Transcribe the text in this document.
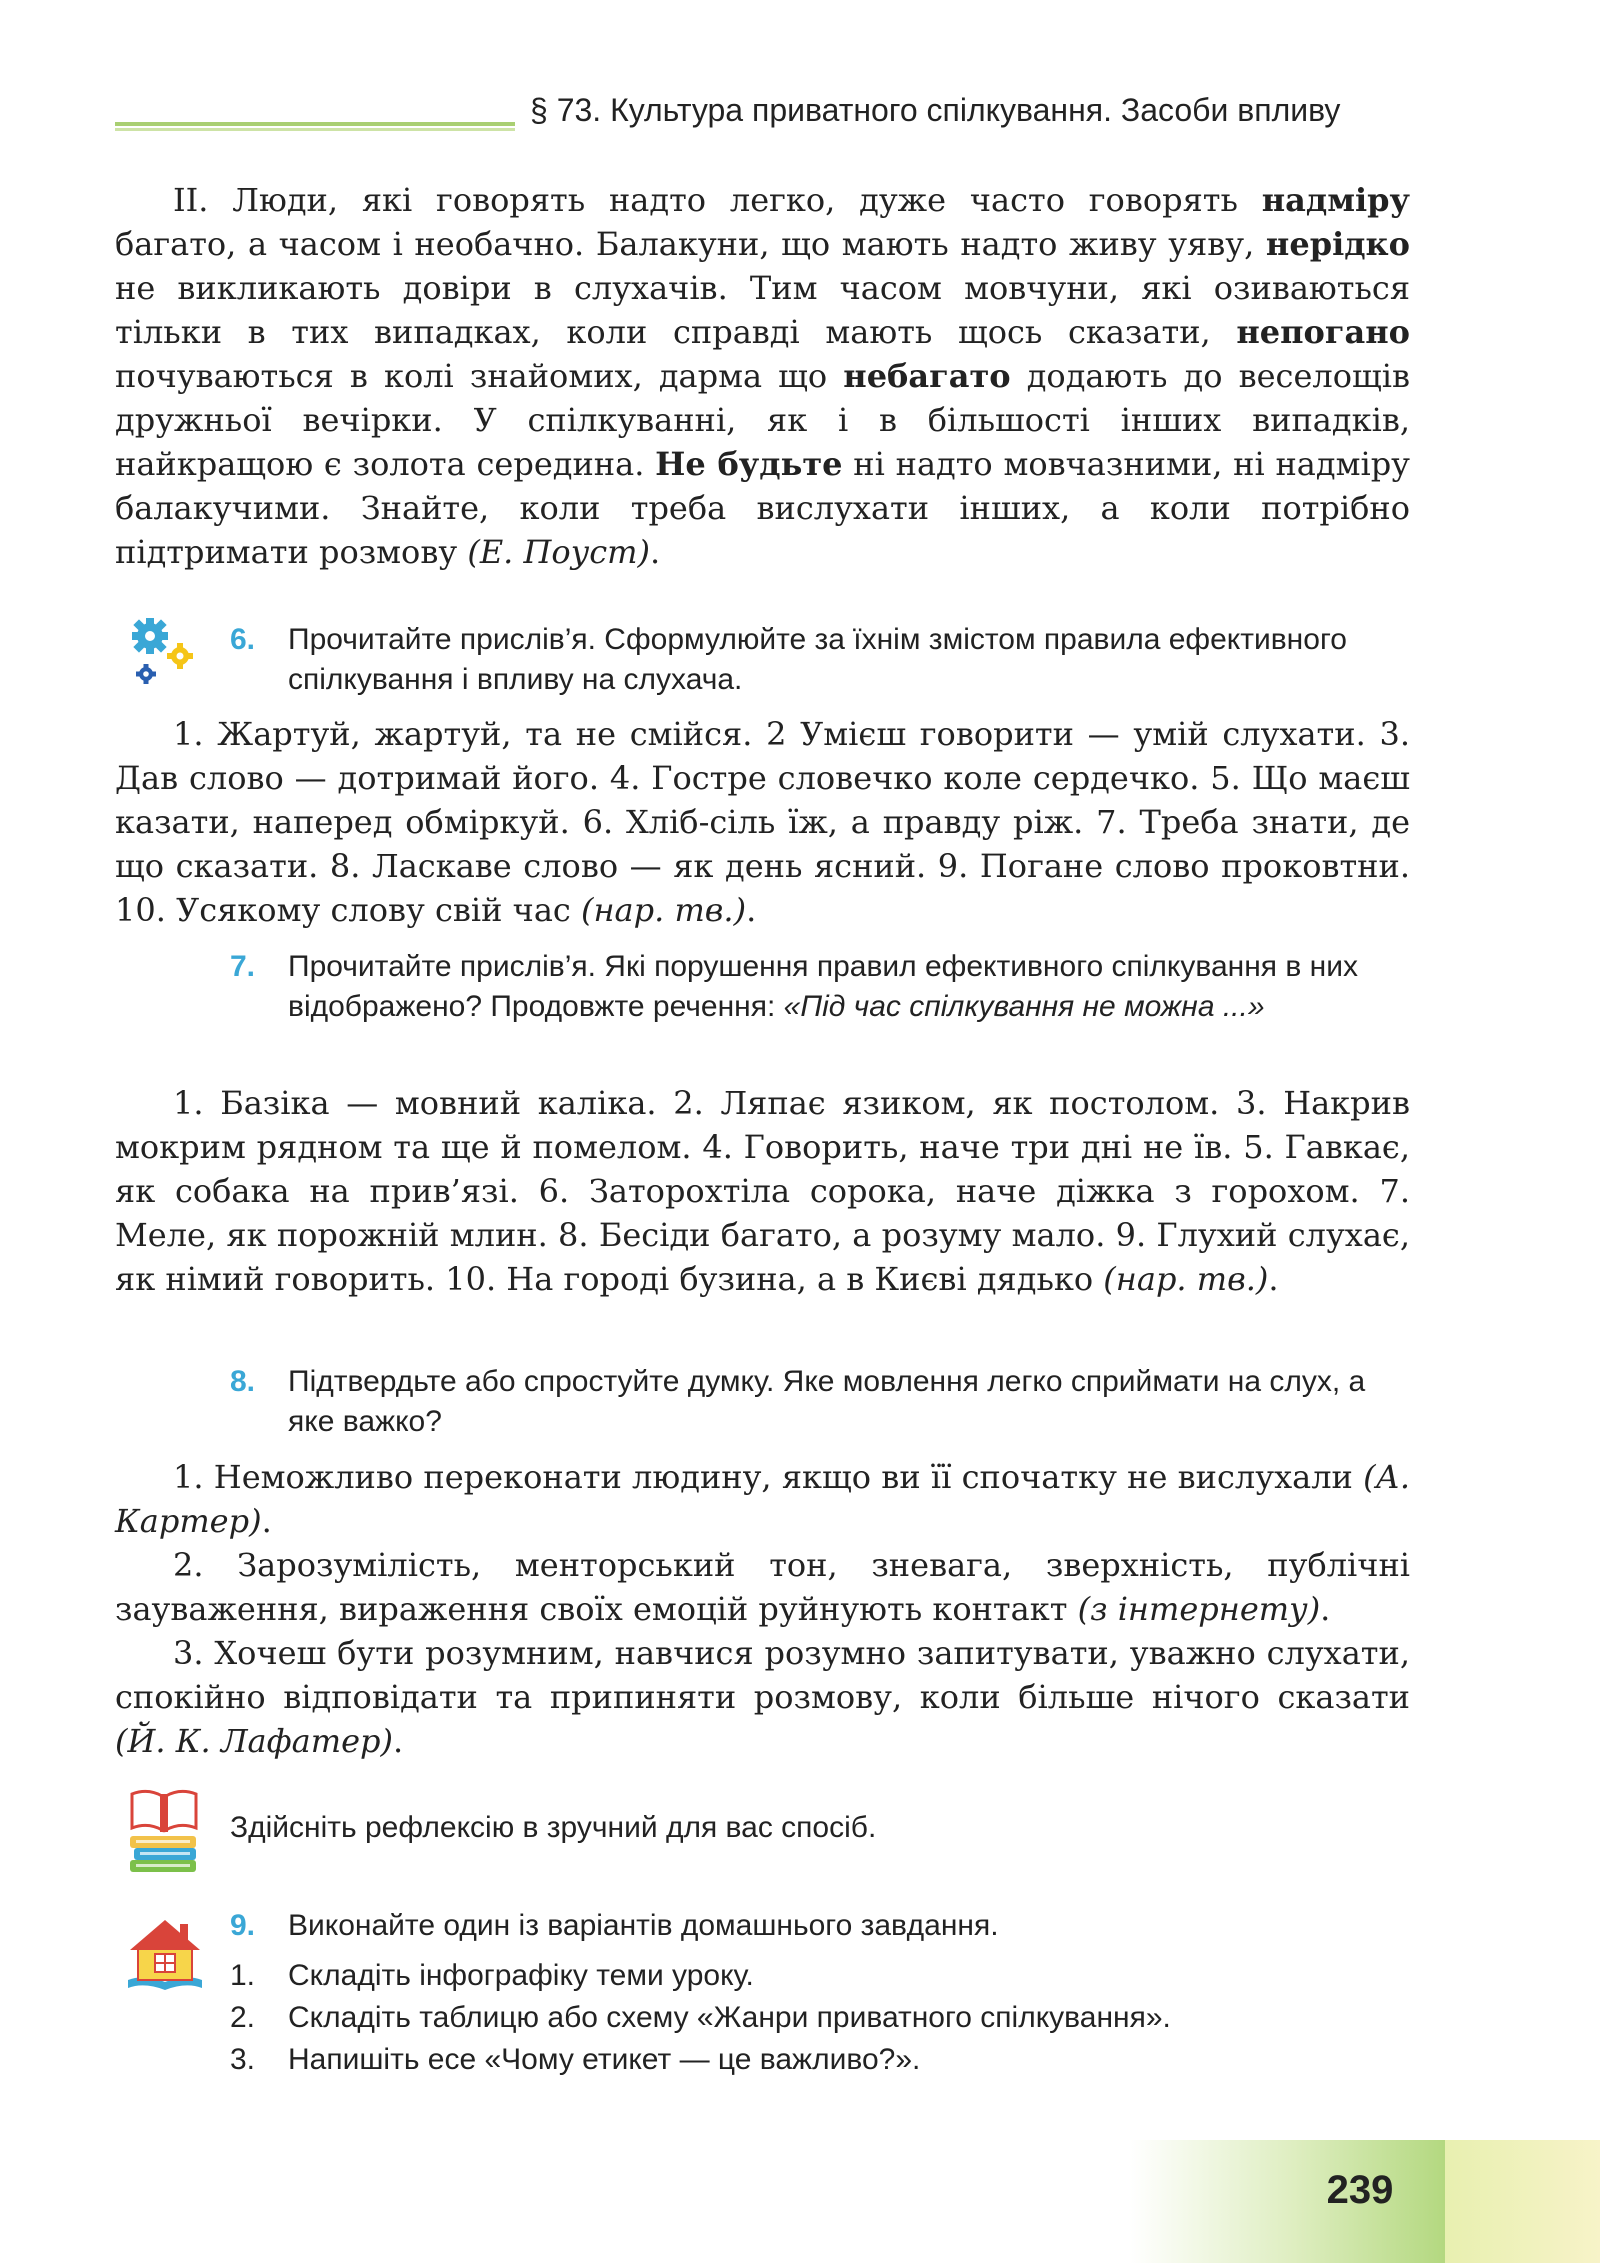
§ 73. Культура приватного спілкування. Засоби впливу

ІІ. Люди, які говорять надто легко, дуже часто говорять надміру багато, а часом і необачно. Балакуни, що мають надто живу уяву, нерідко не викликають довіри в слухачів. Тим часом мовчуни, які озиваються тільки в тих випадках, коли справді мають щось сказати, непогано почуваються в колі знайомих, дарма що небагато додають до веселощів дружньої вечірки. У спілкуванні, як і в більшості інших випадків, найкращою є золота середина. Не будьте ні надто мовчазними, ні надміру балакучими. Знайте, коли треба вислухати інших, а коли потрібно підтримати розмову (Е. Поуст).

6.	Прочитайте прислів’я. Сформулюйте за їхнім змістом правила ефективного спілкування і впливу на слухача.

1. Жартуй, жартуй, та не смійся. 2 Умієш говорити — умій слухати. 3. Дав слово — дотримай його. 4. Гостре словечко коле сердечко. 5. Що маєш казати, наперед обміркуй. 6. Хліб-сіль їж, а правду ріж. 7. Треба знати, де що сказати. 8. Ласкаве слово — як день ясний. 9. Погане слово проковтни. 10. Усякому слову свій час (нар. тв.).

7.	Прочитайте прислів’я. Які порушення правил ефективного спілкування в них відображено? Продовжте речення: «Під час спілкування не можна ...»

1. Базіка — мовний каліка. 2. Ляпає язиком, як постолом. 3. Накрив мокрим рядном та ще й помелом. 4. Говорить, наче три дні не їв. 5. Гавкає, як собака на прив’язі. 6. Заторохтіла сорока, наче діжка з горохом. 7. Меле, як порожній млин. 8. Бесіди багато, а розуму мало. 9. Глухий слухає, як німий говорить. 10. На городі бузина, а в Києві дядько (нар. тв.).

8.	Підтвердьте або спростуйте думку. Яке мовлення легко сприймати на слух, а яке важко?

1. Неможливо переконати людину, якщо ви її спочатку не вислухали (А. Картер).

2. Зарозумілість, менторський тон, зневага, зверхність, публічні зауваження, вираження своїх емоцій руйнують контакт (з інтернету).

3. Хочеш бути розумним, навчися розумно запитувати, уважно слухати, спокійно відповідати та припиняти розмову, коли більше нічого сказати (Й. К. Лафатер).

Здійсніть рефлексію в зручний для вас спосіб.
9.	Виконайте один із варіантів домашнього завдання.
1. Складіть інфографіку теми уроку.
2. Складіть таблицю або схему «Жанри приватного спілкування».
3. Напишіть есе «Чому етикет — це важливо?».
239
